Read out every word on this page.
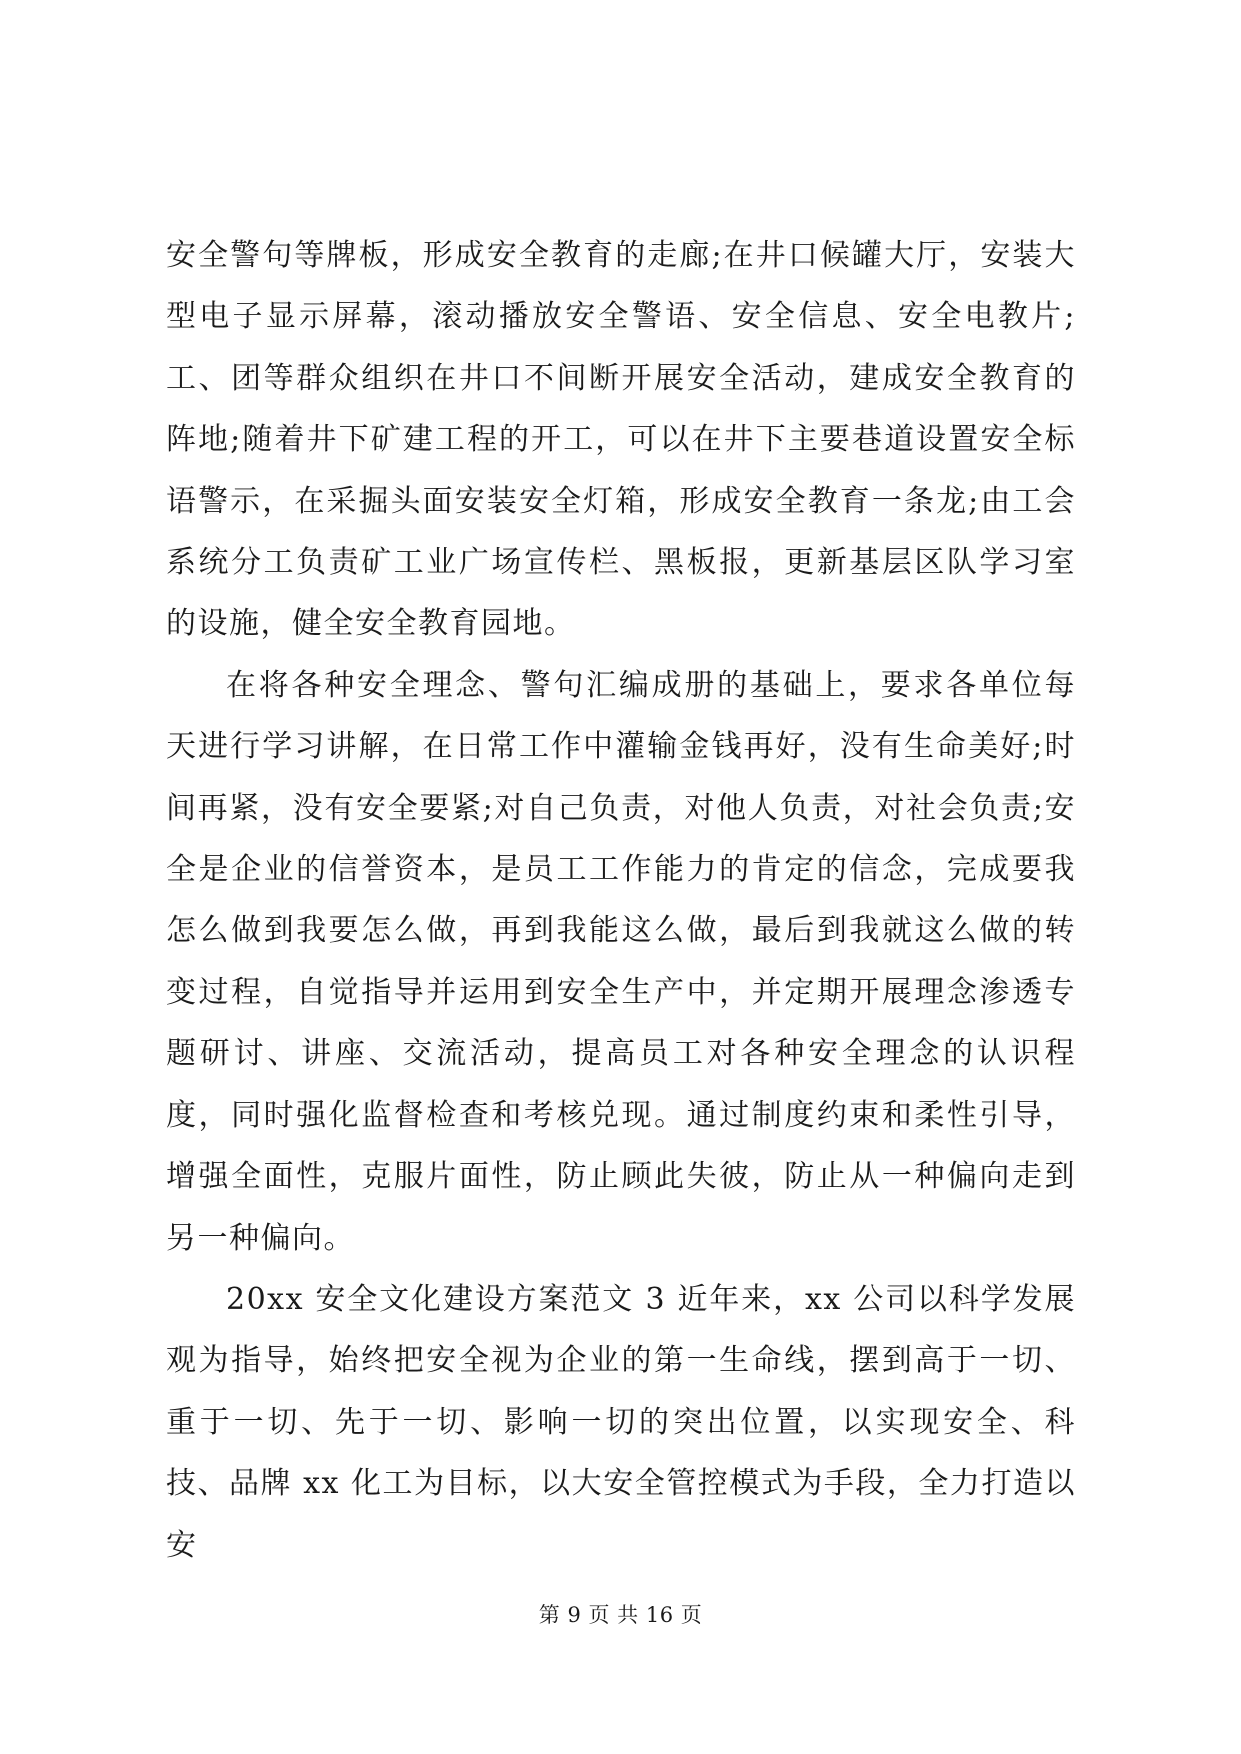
安全警句等牌板，形成安全教育的走廊;在井口候罐大厅，安装大型电子显示屏幕，滚动播放安全警语、安全信息、安全电教片;工、团等群众组织在井口不间断开展安全活动，建成安全教育的阵地;随着井下矿建工程的开工，可以在井下主要巷道设置安全标语警示，在采掘头面安装安全灯箱，形成安全教育一条龙;由工会系统分工负责矿工业广场宣传栏、黑板报，更新基层区队学习室的设施，健全安全教育园地。

在将各种安全理念、警句汇编成册的基础上，要求各单位每天进行学习讲解，在日常工作中灌输金钱再好，没有生命美好;时间再紧，没有安全要紧;对自己负责，对他人负责，对社会负责;安全是企业的信誉资本，是员工工作能力的肯定的信念，完成要我怎么做到我要怎么做，再到我能这么做，最后到我就这么做的转变过程，自觉指导并运用到安全生产中，并定期开展理念渗透专题研讨、讲座、交流活动，提高员工对各种安全理念的认识程度，同时强化监督检查和考核兑现。通过制度约束和柔性引导，增强全面性，克服片面性，防止顾此失彼，防止从一种偏向走到另一种偏向。

20xx 安全文化建设方案范文 3 近年来，xx 公司以科学发展观为指导，始终把安全视为企业的第一生命线，摆到高于一切、重于一切、先于一切、影响一切的突出位置，以实现安全、科技、品牌 xx 化工为目标，以大安全管控模式为手段，全力打造以安

第 9 页 共 16 页
